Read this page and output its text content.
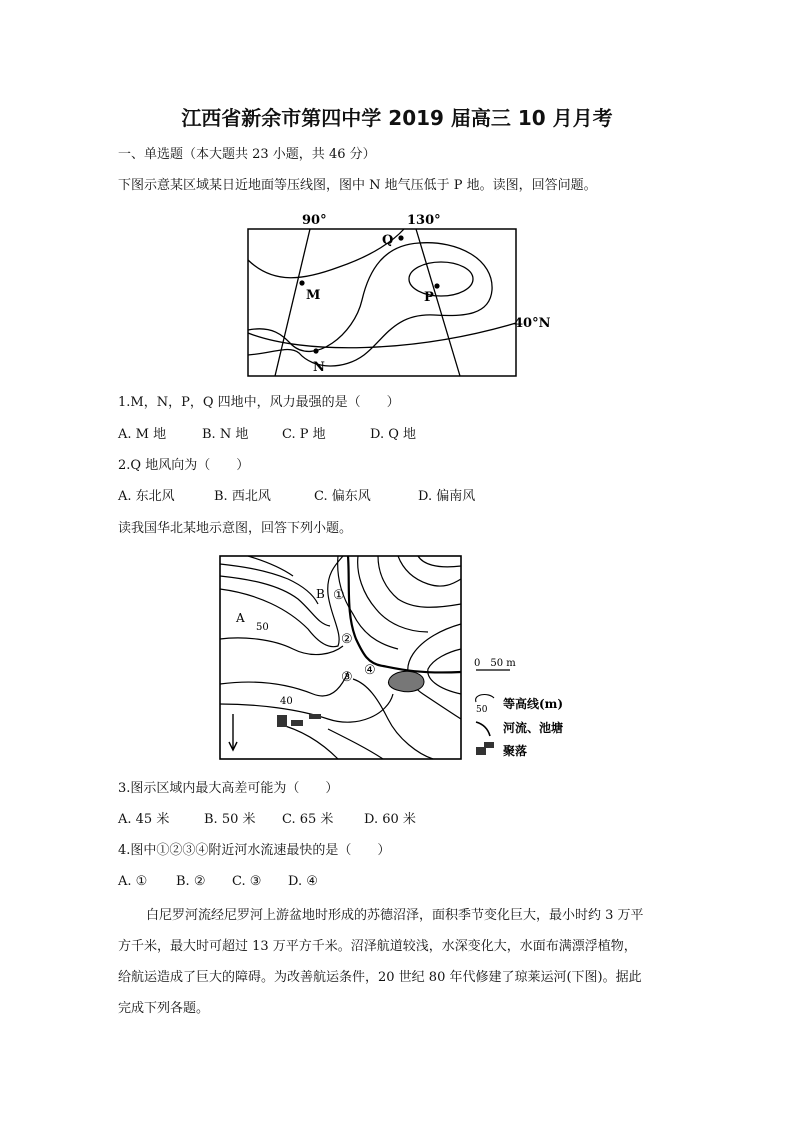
江西省新余市第四中学 2019 届高三 10 月月考
一、单选题（本大题共 23 小题，共 46 分）
下图示意某区域某日近地面等压线图，图中 N 地气压低于 P 地。读图，回答问题。
90°	130°
M
Q
P
N
40°N
1.M，N，P，Q 四地中，风力最强的是（　　）
A. M 地	B. N 地	C. P 地	D. Q 地
2.Q 地风向为（　　）
A. 东北风	B. 西北风	C. 偏东风	D. 偏南风
读我国华北某地示意图，回答下列小题。
A
B
50
40
①
②
③ ④	0　50 m
50 等高线(m)
河流、池塘
聚落
3.图示区域内最大高差可能为（　　）
A. 45 米	B. 50 米 C. 65 米 D. 60 米
4.图中①②③④附近河水流速最快的是（　　）
A. ① B. ② C. ③ D. ④
白尼罗河流经尼罗河上游盆地时形成的苏德沼泽，面积季节变化巨大，最小时约 3 万平
方千米，最大时可超过 13 万平方千米。沼泽航道较浅，水深变化大，水面布满漂浮植物，
给航运造成了巨大的障碍。为改善航运条件，20 世纪 80 年代修建了琼莱运河(下图)。据此
完成下列各题。
